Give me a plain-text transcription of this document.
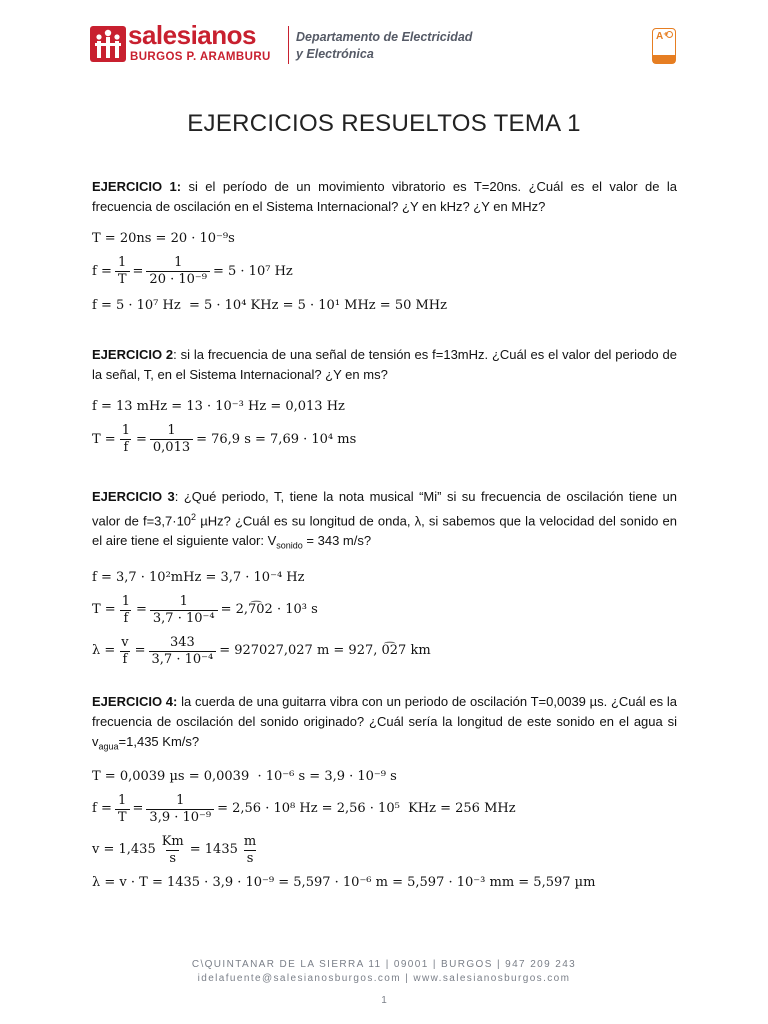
salesianos
BURGOS P. ARAMBURU
Departamento de Electricidad
y Electrónica
A⁺
EJERCICIOS RESUELTOS TEMA 1

EJERCICIO 1: si el período de un movimiento vibratorio es T=20ns. ¿Cuál es el valor de la frecuencia de oscilación en el Sistema Internacional? ¿Y en kHz? ¿Y en MHz?

T = 20ns = 20 · 10⁻⁹s
$f = \frac{1}{T} = \frac{1}{\text{20 · 10⁻⁹}} = 5 \cdot 10^7$ Hz
f = 5 · 10⁷ Hz  = 5 · 10⁴ KHz = 5 · 10¹ MHz = 50 MHz

EJERCICIO 2: si la frecuencia de una señal de tensión es f=13mHz. ¿Cuál es el valor del periodo de la señal, T, en el Sistema Internacional? ¿Y en ms?

f = 13 mHz = 13 · 10⁻³ Hz = 0,013 Hz
$T = \frac{1}{f} = \frac{1}{0,013} = 76,9$ s = 7,69 · 10⁴ ms

EJERCICIO 3: ¿Qué periodo, T, tiene la nota musical “Mi” si su frecuencia de oscilación tiene un valor de $f=3,7\cdot 10^2$ µHz? ¿Cuál es su longitud de onda, λ, si sabemos que la velocidad del sonido en el aire tiene el siguiente valor: $V_{sonido} = 343$ m/s?

f = 3,7 · 10²mHz = 3,7 · 10⁻⁴ Hz
$T = \frac{1}{f} = \frac{1}{\text{3,7 · 10⁻⁴}}$ = 2,7͡02 · 10³ s
$\lambda = \frac{v}{f} = \frac{343}{\text{3,7 · 10⁻⁴}} = 927027,027$ m = 927, 0͡27 km

EJERCICIO 4: la cuerda de una guitarra vibra con un periodo de oscilación T=0,0039 µs. ¿Cuál es la frecuencia de oscilación del sonido originado? ¿Cuál sería la longitud de este sonido en el agua si $v_{agua}=1,435$ Km/s?

T = 0,0039 µs = 0,0039  · 10⁻⁶ s = 3,9 · 10⁻⁹ s
$f = \frac{1}{T} = \frac{1}{\text{3,9 · 10⁻⁹}} = 2,56 \cdot 10^8$ Hz = 2,56 · 10⁵  KHz = 256 MHz
$v = 1,435 \frac{Km}{s} = 1435 \frac{m}{s}$
λ = v · T = 1435 · 3,9 · 10⁻⁹ = 5,597 · 10⁻⁶ m = 5,597 · 10⁻³ mm = 5,597 µm
C\QUINTANAR DE LA SIERRA 11 | 09001 | BURGOS | 947 209 243
idelafuente@salesianosburgos.com | www.salesianosburgos.com
1
